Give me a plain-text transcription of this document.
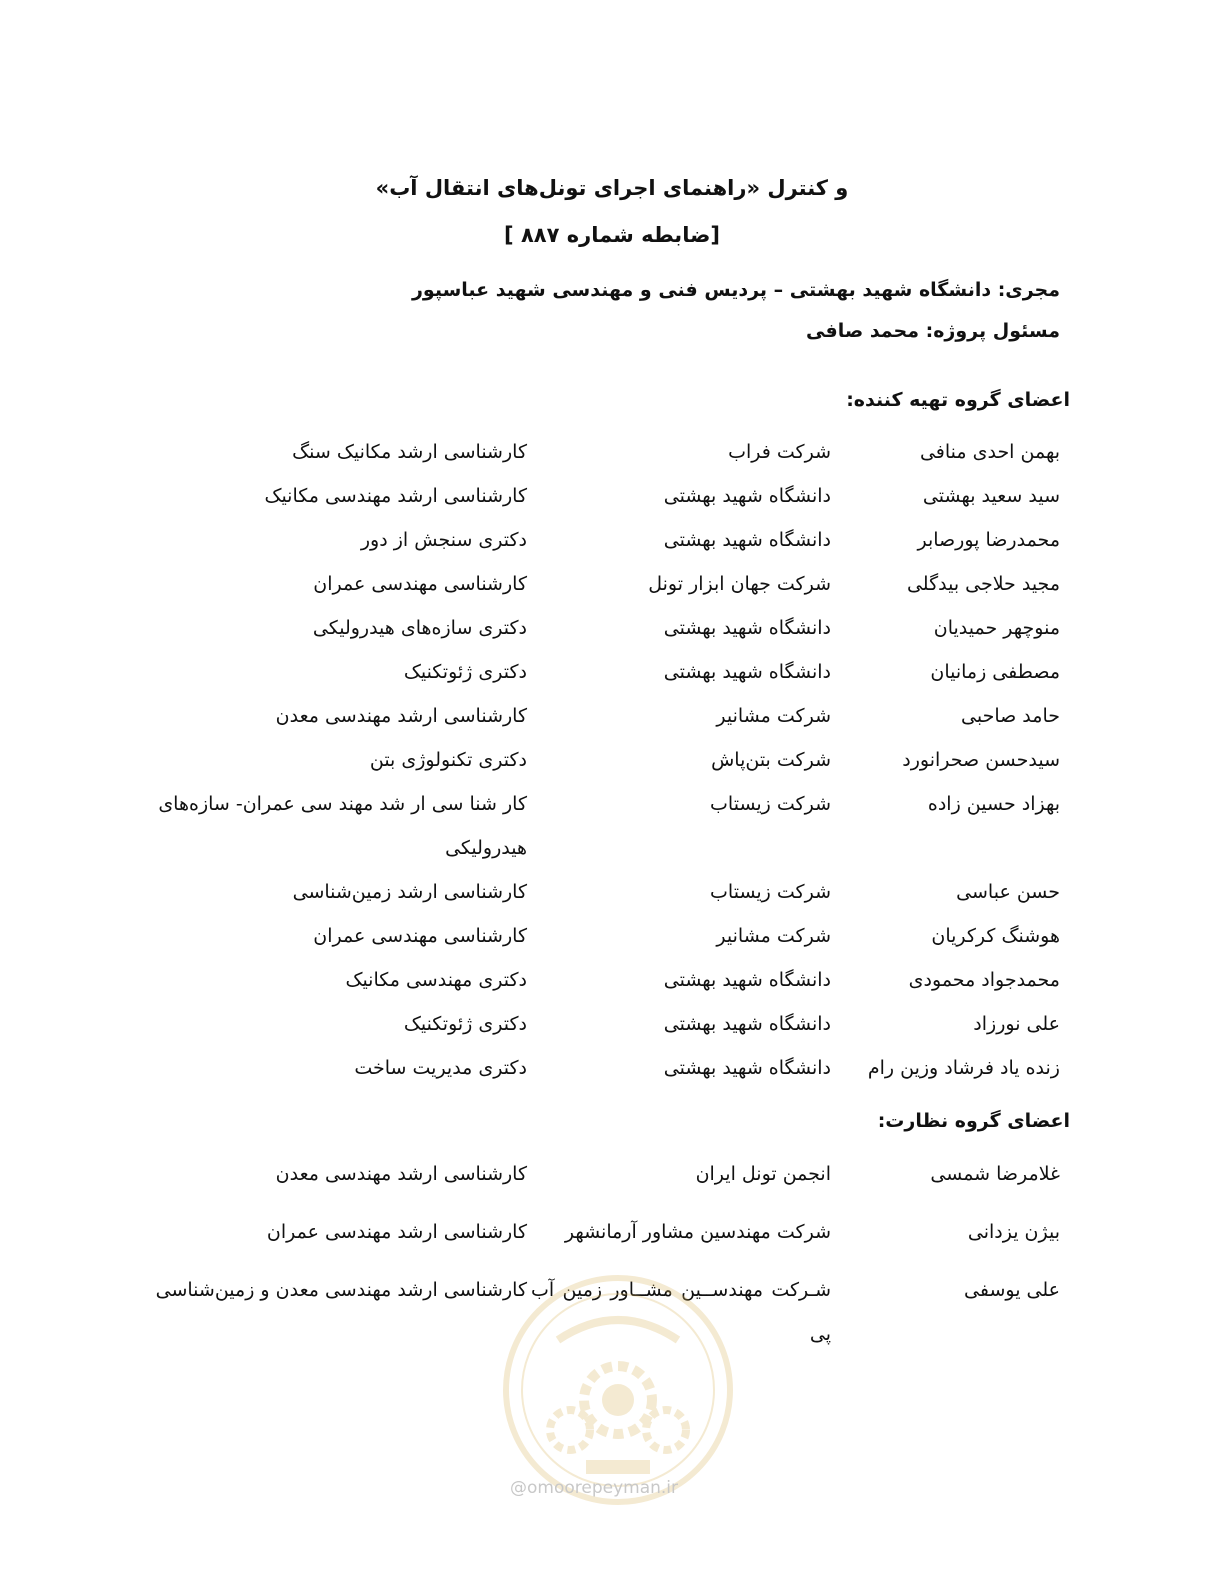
و کنترل «راهنمای اجرای تونل‌های انتقال آب»
[ضابطه شماره ۸۸۷ ]
مجری: دانشگاه شهید بهشتی – پردیس فنی و مهندسی شهید عباسپور
مسئول پروژه: محمد صافی
اعضای گروه تهیه کننده:
بهمن احدی منافی
شرکت فراب
کارشناسی ارشد مکانیک سنگ
سید سعید بهشتی
دانشگاه شهید بهشتی
کارشناسی ارشد مهندسی مکانیک
محمدرضا پورصابر
دانشگاه شهید بهشتی
دکتری سنجش از دور
مجید حلاجی بیدگلی
شرکت جهان ابزار تونل
کارشناسی مهندسی عمران
منوچهر حمیدیان
دانشگاه شهید بهشتی
دکتری سازه‌های هیدرولیکی
مصطفی زمانیان
دانشگاه شهید بهشتی
دکتری ژئوتکنیک
حامد صاحبی
شرکت مشانیر
کارشناسی ارشد مهندسی معدن
سیدحسن صحرانورد
شرکت بتن‌پاش
دکتری تکنولوژی بتن
بهزاد حسین زاده
شرکت زیستاب
کار شنا سی ار شد مهند سی عمران- سازه‌های هیدرولیکی
حسن عباسی
شرکت زیستاب
کارشناسی ارشد زمین‌شناسی
هوشنگ کرکریان
شرکت مشانیر
کارشناسی مهندسی عمران
محمدجواد محمودی
دانشگاه شهید بهشتی
دکتری مهندسی مکانیک
علی نورزاد
دانشگاه شهید بهشتی
دکتری ژئوتکنیک
زنده یاد فرشاد وزین رام
دانشگاه شهید بهشتی
دکتری مدیریت ساخت
اعضای گروه نظارت:
غلامرضا شمسی
انجمن تونل ایران
کارشناسی ارشد مهندسی معدن
بیژن یزدانی
شرکت مهندسین مشاور آرمانشهر
کارشناسی ارشد مهندسی عمران
علی یوسفی
شـرکت مهندســین مشــاور زمین آب پی
کارشناسی ارشد مهندسی معدن و زمین‌شناسی
@omoorepeyman.ir
